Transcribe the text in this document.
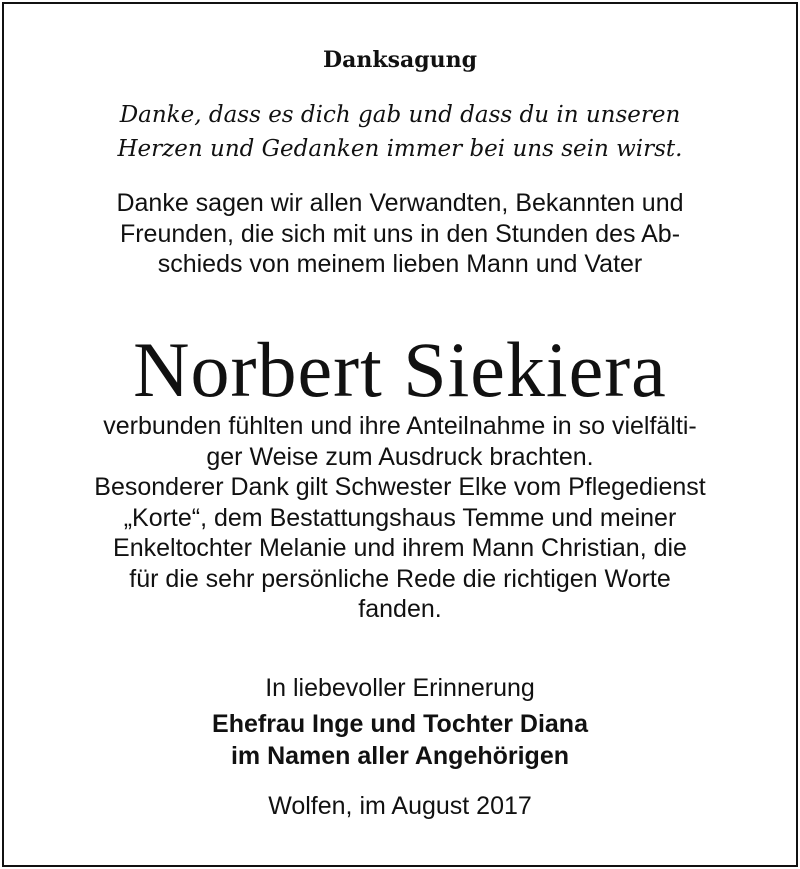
Danksagung
Danke, dass es dich gab und dass du in unseren
Herzen und Gedanken immer bei uns sein wirst.
Danke sagen wir allen Verwandten, Bekannten und
Freunden, die sich mit uns in den Stunden des Ab-
schieds von meinem lieben Mann und Vater
Norbert Siekiera
verbunden fühlten und ihre Anteilnahme in so vielfälti-
ger Weise zum Ausdruck brachten.
Besonderer Dank gilt Schwester Elke vom Pflegedienst
„Korte“, dem Bestattungshaus Temme und meiner
Enkeltochter Melanie und ihrem Mann Christian, die
für die sehr persönliche Rede die richtigen Worte
fanden.
In liebevoller Erinnerung
Ehefrau Inge und Tochter Diana
im Namen aller Angehörigen
Wolfen, im August 2017
